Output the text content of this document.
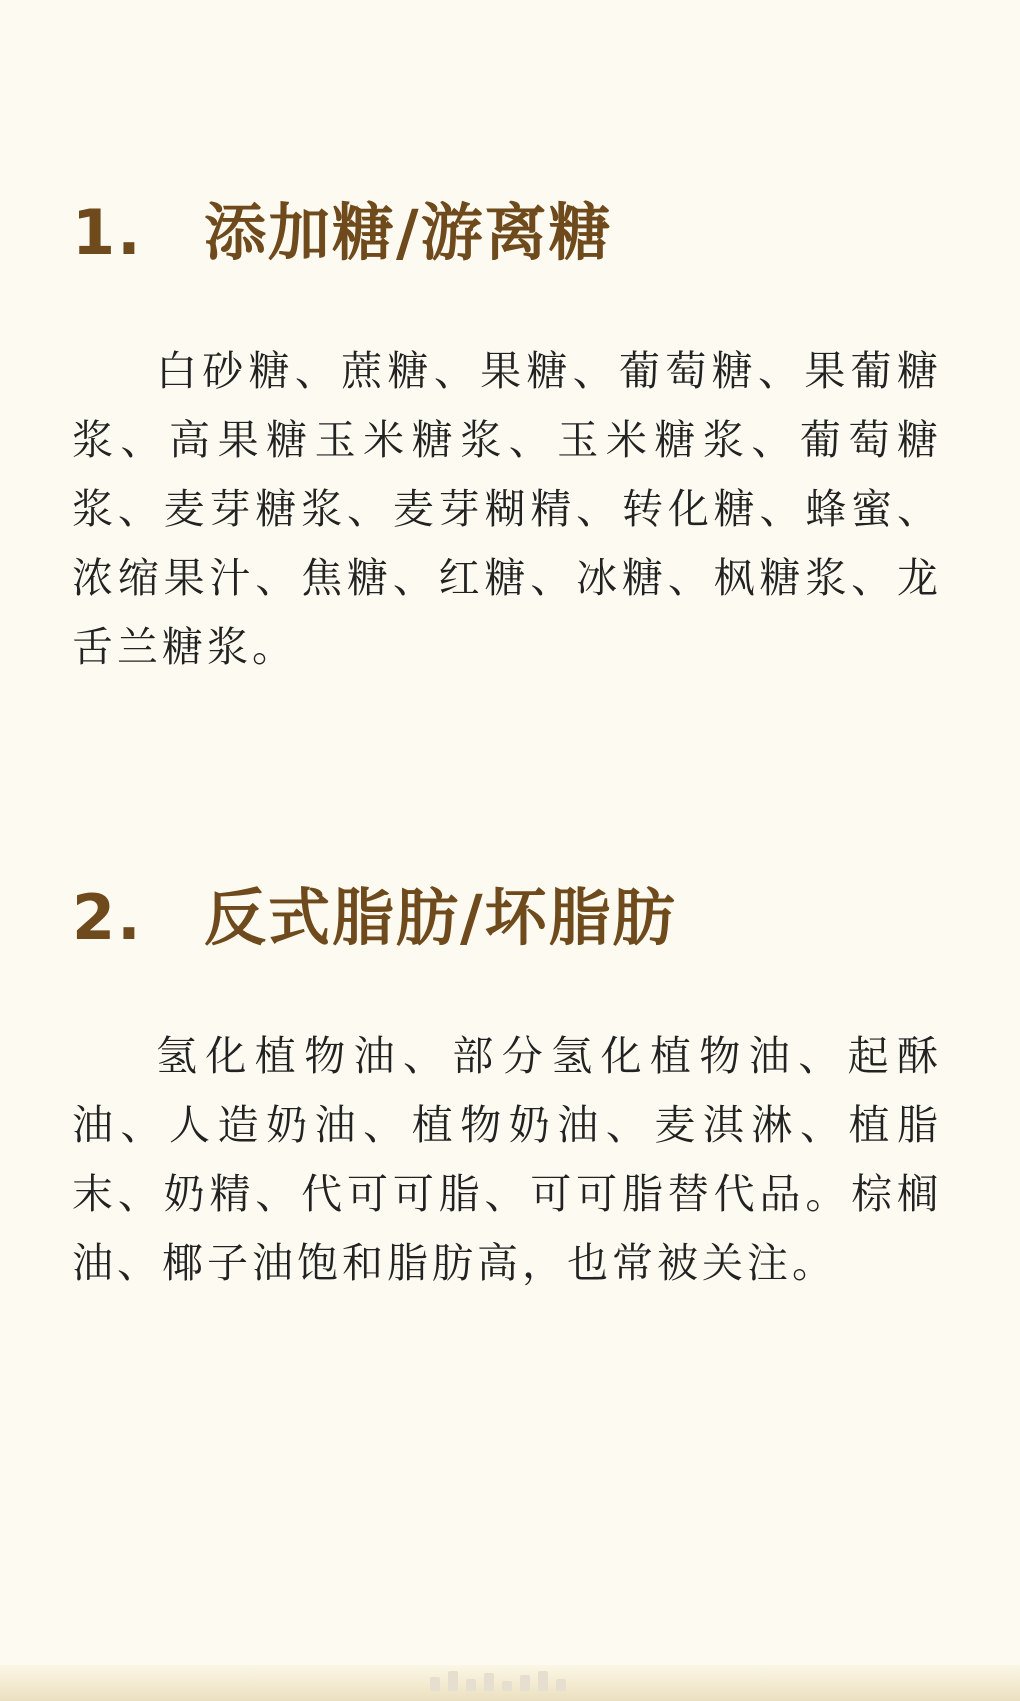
1. 添加糖/游离糖

白砂糖、蔗糖、果糖、葡萄糖、果葡糖浆、高果糖玉米糖浆、玉米糖浆、葡萄糖浆、麦芽糖浆、麦芽糊精、转化糖、蜂蜜、浓缩果汁、焦糖、红糖、冰糖、枫糖浆、龙舌兰糖浆。

2. 反式脂肪/坏脂肪

氢化植物油、部分氢化植物油、起酥油、人造奶油、植物奶油、麦淇淋、植脂末、奶精、代可可脂、可可脂替代品。棕榈油、椰子油饱和脂肪高，也常被关注。
